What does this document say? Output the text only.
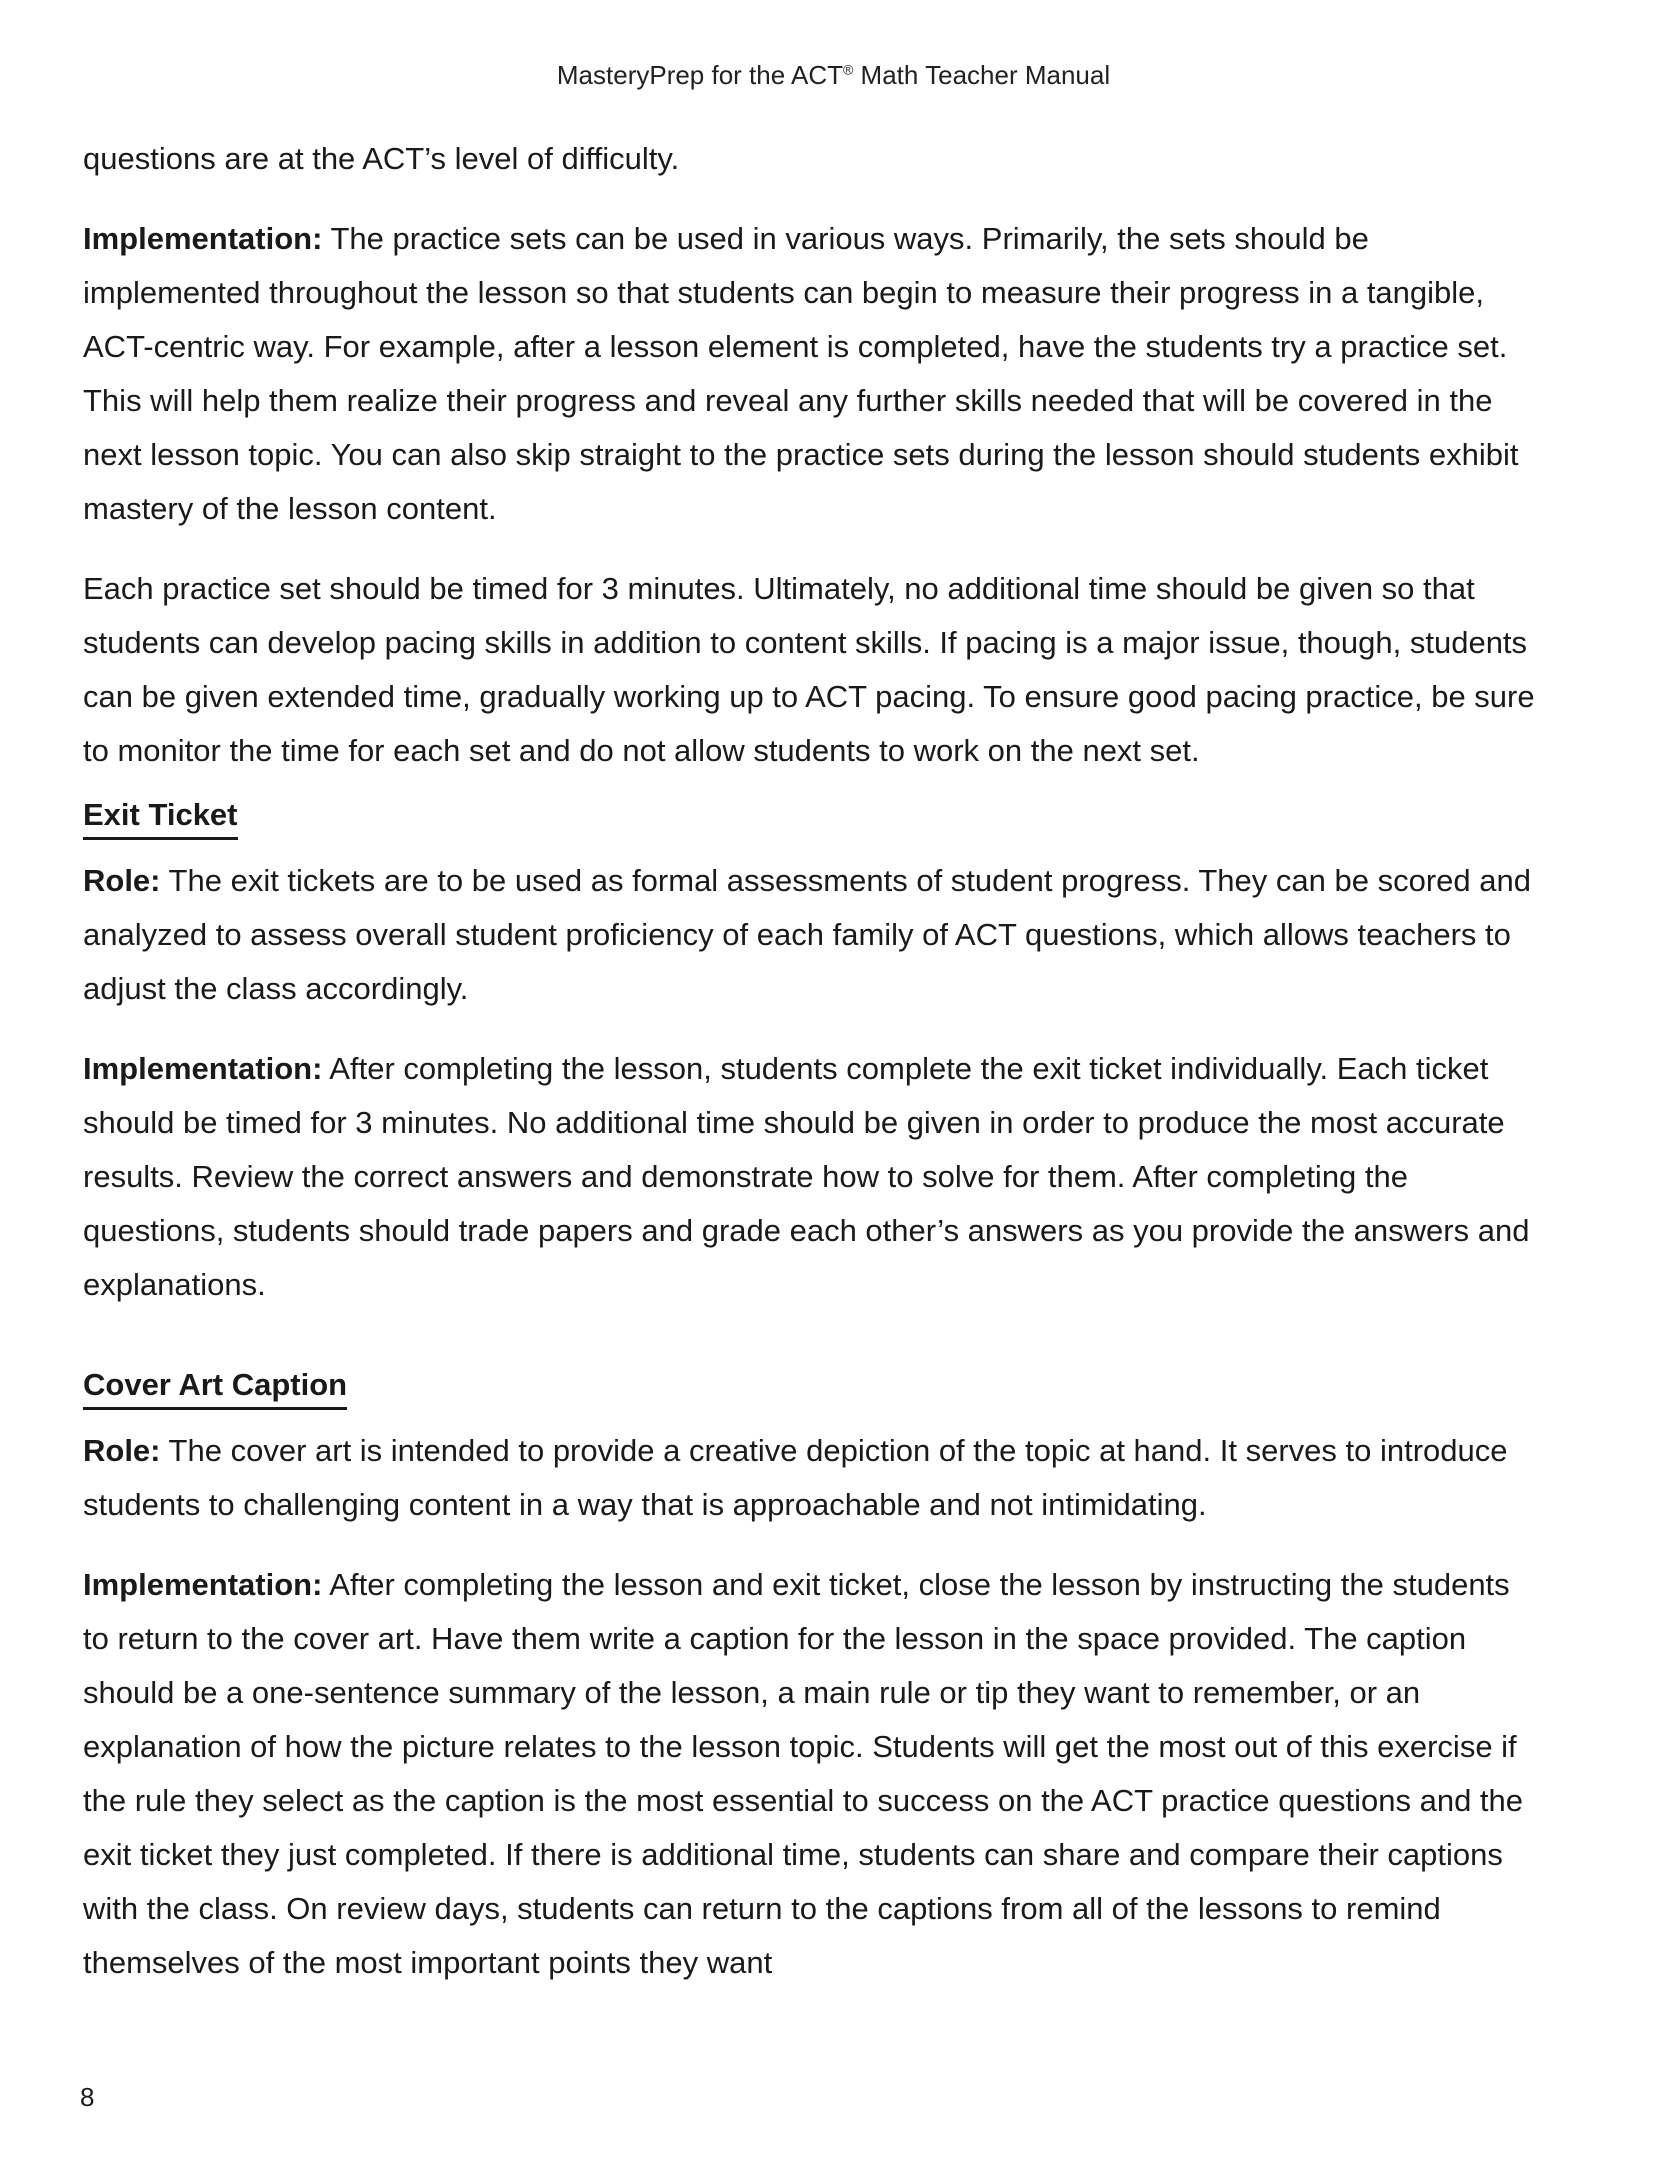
MasteryPrep for the ACT® Math Teacher Manual

questions are at the ACT’s level of difficulty.

Implementation: The practice sets can be used in various ways. Primarily, the sets should be implemented throughout the lesson so that students can begin to measure their progress in a tangible, ACT-centric way. For example, after a lesson element is completed, have the students try a practice set. This will help them realize their progress and reveal any further skills needed that will be covered in the next lesson topic. You can also skip straight to the practice sets during the lesson should students exhibit mastery of the lesson content.

Each practice set should be timed for 3 minutes. Ultimately, no additional time should be given so that students can develop pacing skills in addition to content skills. If pacing is a major issue, though, students can be given extended time, gradually working up to ACT pacing. To ensure good pacing practice, be sure to monitor the time for each set and do not allow students to work on the next set.

Exit Ticket

Role: The exit tickets are to be used as formal assessments of student progress. They can be scored and analyzed to assess overall student proficiency of each family of ACT questions, which allows teachers to adjust the class accordingly.

Implementation: After completing the lesson, students complete the exit ticket individually. Each ticket should be timed for 3 minutes. No additional time should be given in order to produce the most accurate results. Review the correct answers and demonstrate how to solve for them. After completing the questions, students should trade papers and grade each other’s answers as you provide the answers and explanations.

Cover Art Caption

Role: The cover art is intended to provide a creative depiction of the topic at hand. It serves to introduce students to challenging content in a way that is approachable and not intimidating.

Implementation: After completing the lesson and exit ticket, close the lesson by instructing the students to return to the cover art. Have them write a caption for the lesson in the space provided. The caption should be a one-sentence summary of the lesson, a main rule or tip they want to remember, or an explanation of how the picture relates to the lesson topic. Students will get the most out of this exercise if the rule they select as the caption is the most essential to success on the ACT practice questions and the exit ticket they just completed. If there is additional time, students can share and compare their captions with the class. On review days, students can return to the captions from all of the lessons to remind themselves of the most important points they want

8
